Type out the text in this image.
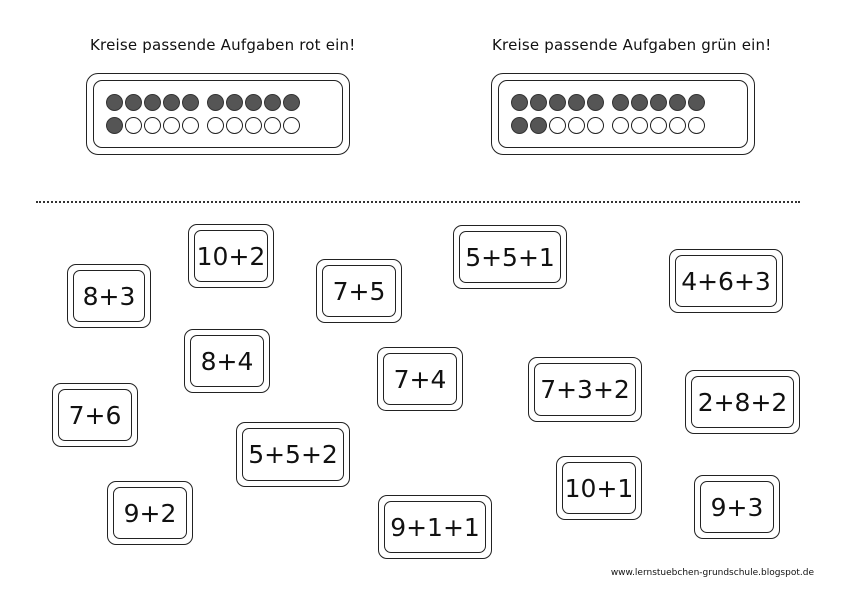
Kreise passende Aufgaben rot ein!	Kreise passende Aufgaben grün ein!
8+3
10+2
7+5
5+5+1
4+6+3
8+4
7+4	7+3+2	2+8+2
7+6
5+5+2
10+1
9+2	9+1+1
9+3
www.lernstuebchen-grundschule.blogspot.de
